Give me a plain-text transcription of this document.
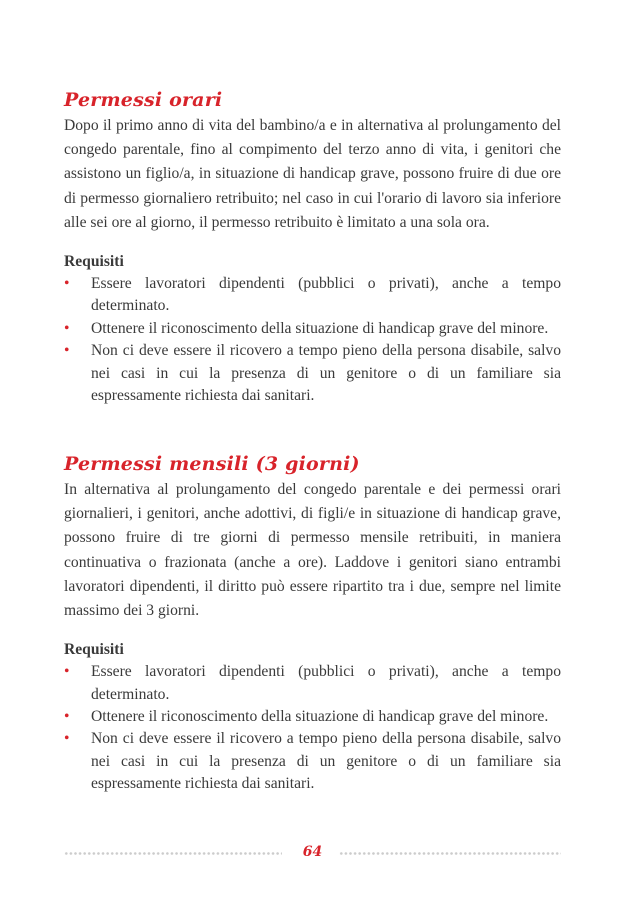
Permessi orari

Dopo il primo anno di vita del bambino/a e in alternativa al prolungamento del congedo parentale, fino al compimento del terzo anno di vita, i genitori che assistono un figlio/a, in situazione di handicap grave, possono fruire di due ore di permesso giornaliero retribuito; nel caso in cui l'orario di lavoro sia inferiore alle sei ore al giorno, il permesso retribuito è limitato a una sola ora.

Requisiti
• Essere lavoratori dipendenti (pubblici o privati), anche a tempo determinato.
• Ottenere il riconoscimento della situazione di handicap grave del minore.
• Non ci deve essere il ricovero a tempo pieno della persona disabile, salvo nei casi in cui la presenza di un genitore o di un familiare sia espressamente richiesta dai sanitari.
Permessi mensili (3 giorni)

In alternativa al prolungamento del congedo parentale e dei permessi orari giornalieri, i genitori, anche adottivi, di figli/e in situazione di handicap grave, possono fruire di tre giorni di permesso mensile retribuiti, in maniera continuativa o frazionata (anche a ore). Laddove i genitori siano entrambi lavoratori dipendenti, il diritto può essere ripartito tra i due, sempre nel limite massimo dei 3 giorni.

Requisiti
• Essere lavoratori dipendenti (pubblici o privati), anche a tempo determinato.
• Ottenere il riconoscimento della situazione di handicap grave del minore.
• Non ci deve essere il ricovero a tempo pieno della persona disabile, salvo nei casi in cui la presenza di un genitore o di un familiare sia espressamente richiesta dai sanitari.
64
